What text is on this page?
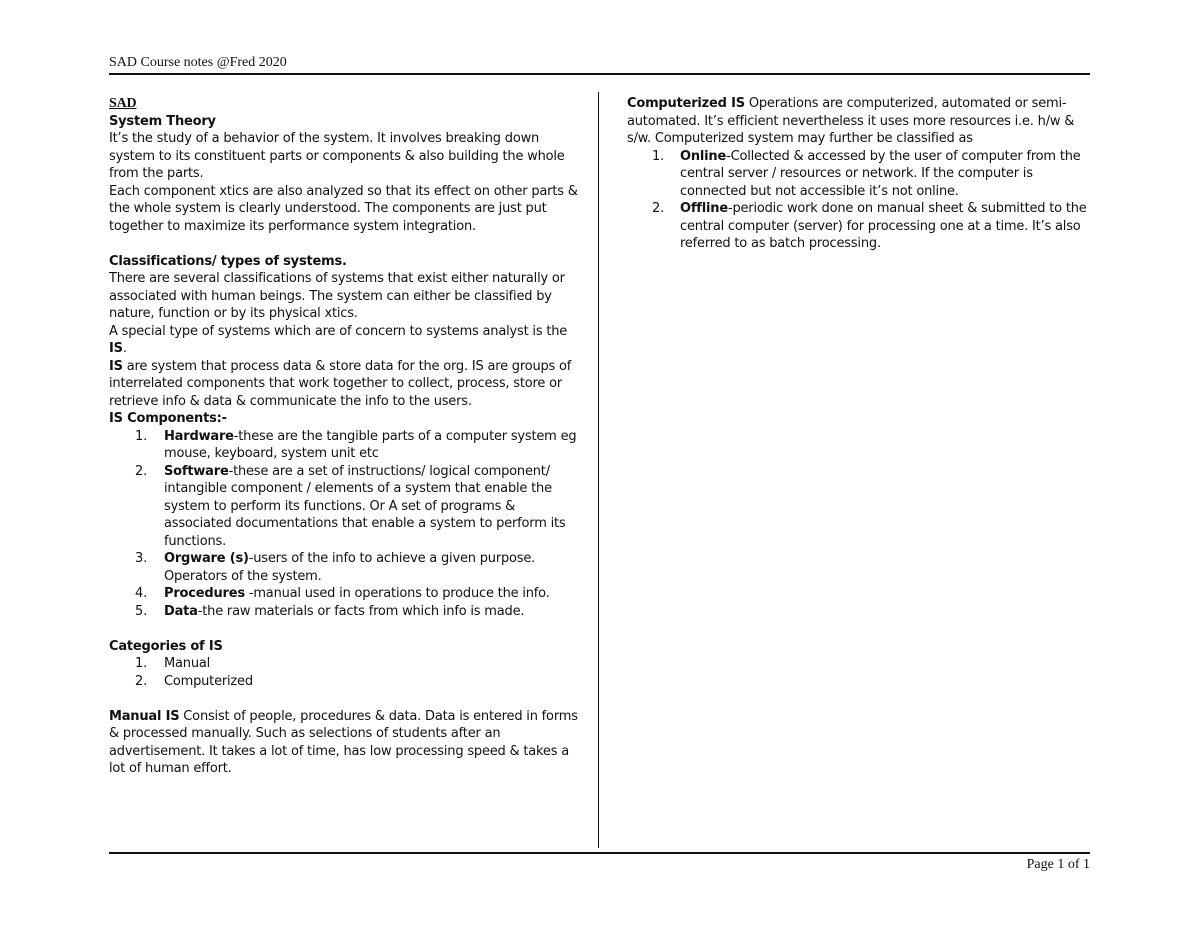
SAD Course notes @Fred 2020
SAD
System Theory

It’s the study of a behavior of the system. It involves breaking down system to its constituent parts or components & also building the whole from the parts.

Each component xtics are also analyzed so that its effect on other parts & the whole system is clearly understood. The components are just put together to maximize its performance system integration.

Classifications/ types of systems.

There are several classifications of systems that exist either naturally or associated with human beings. The system can either be classified by nature, function or by its physical xtics.

A special type of systems which are of concern to systems analyst is the IS.

IS are system that process data & store data for the org. IS are groups of interrelated components that work together to collect, process, store or retrieve info & data & communicate the info to the users.

IS Components:-
1. Hardware-these are the tangible parts of a computer system eg mouse, keyboard, system unit etc
2. Software-these are a set of instructions/ logical component/ intangible component / elements of a system that enable the system to perform its functions. Or A set of programs & associated documentations that enable a system to perform its functions.
3. Orgware (s)-users of the info to achieve a given purpose. Operators of the system.
4. Procedures -manual used in operations to produce the info.
5. Data-the raw materials or facts from which info is made.
Categories of IS
1. Manual
2. Computerized

Manual IS Consist of people, procedures & data. Data is entered in forms & processed manually. Such as selections of students after an advertisement. It takes a lot of time, has low processing speed & takes a lot of human effort.

Computerized IS Operations are computerized, automated or semi-automated. It’s efficient nevertheless it uses more resources i.e. h/w & s/w. Computerized system may further be classified as

1. Online-Collected & accessed by the user of computer from the central server / resources or network. If the computer is connected but not accessible it’s not online.
2. Offline-periodic work done on manual sheet & submitted to the central computer (server) for processing one at a time. It’s also referred to as batch processing.
Page 1 of 1
